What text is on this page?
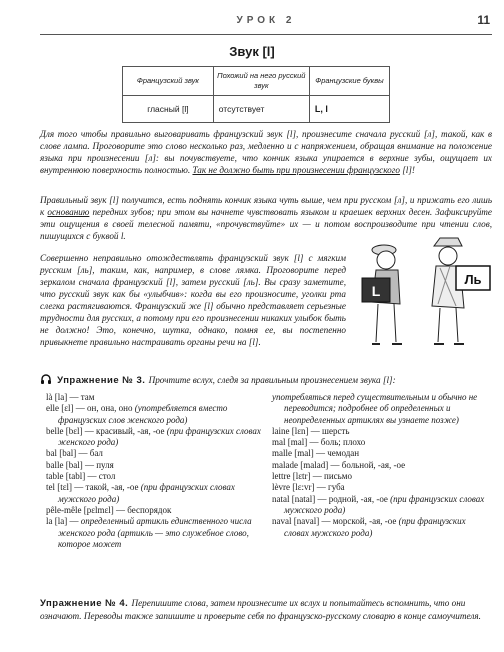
УРОК 2	11
Звук [l]
Французский звук	Похожий на него русский звук	Французские буквы
гласный [l]	отсутствует	L, l

Для того чтобы правильно выговаривать французский звук [l], произнесите сначала русский [л], такой, как в слове лампа. Проговорите это слово несколько раз, медленно и с напряжением, обращая внимание на положение языка при произнесении [л]: вы почувствуете, что кончик языка упирается в верхние зубы, ощущает их внутреннюю поверхность полностью. Так не должно быть при произнесении французского [l]!

Правильный звук [l] получится, есть поднять кончик языка чуть выше, чем при русском [л], и прижать его лишь к основанию передних зубов; при этом вы начнете чувствовать языком и краешек верхних десен. Зафиксируйте эти ощущения в своей телесной памяти, «прочувствуйте» их — и потом воспроизводите при чтении слов, пишущихся с буквой l.

Совершенно неправильно отождествлять французский звук [l] с мягким русским [ль], таким, как, например, в слове лямка. Проговорите перед зеркалом сначала французский [l], затем русский [ль]. Вы сразу заметите, что русский звук как бы «улыбчив»: когда вы его произносите, уголки рта слегка растягиваются. Французский же [l] обычно представляет серьезные трудности для русских, а потому при его произнесении никаких улыбок быть не должно! Это, конечно, шутка, однако, помня ее, вы постепенно привыкнете правильно настраивать органы речи на [l].

L
Ль
Упражнение № 3. Прочтите вслух, следя за правильным произнесением звука [l]:
là [la] — там
elle [εl] — он, она, оно (употребляется вместо французских слов женского рода)
belle [bεl] — красивый, -ая, -ое (при французских словах женского рода)
bal [bal] — бал
balle [bal] — пуля
table [tabl] — стол
tel [tεl] — такой, -ая, -ое (при французских словах мужского рода)
pêle-mêle [pεlmεl] — беспорядок
la [la] — определенный артикль единственного числа женского рода (артикль — это служебное слово, которое может
употребляться перед существительным и обычно не переводится; подробнее об определенных и неопределенных артиклях вы узнаете позже)
laine [lεn] — шерсть
mal [mal] — боль; плохо
malle [mal] — чемодан
malade [malad] — больной, -ая, -ое
lettre [lεtr] — письмо
lèvre [lε:vr] — губа
natal [natal] — родной, -ая, -ое (при французских словах мужского рода)
naval [naval] — морской, -ая, -ое (при французских словах мужского рода)
Упражнение № 4. Перепишите слова, затем произнесите их вслух и попытайтесь вспомнить, что они означают. Переводы также запишите и проверьте себя по французско-русскому словарю в конце самоучителя.
